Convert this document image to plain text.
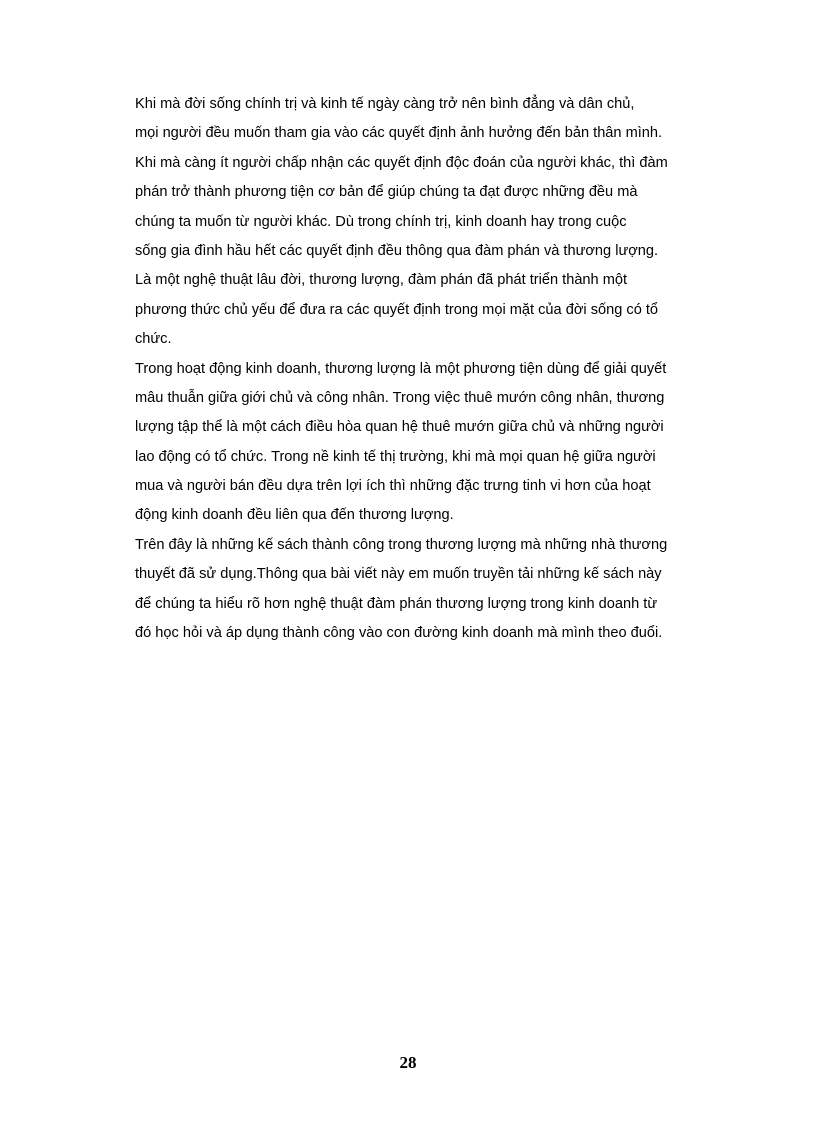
Khi mà đời sống chính trị và kinh tế ngày càng trở nên bình đẳng và dân chủ,
mọi người đều muốn tham gia vào các quyết định ảnh hưởng đến bản thân mình.
Khi mà càng ít người chấp nhận các quyết định độc đoán của người khác, thì đàm
phán trở thành phương tiện cơ bản để giúp chúng ta đạt được những đều mà
chúng ta muốn từ người khác. Dù trong chính trị, kinh doanh hay trong cuộc
sống gia đình hầu hết các quyết định đều thông qua đàm phán và thương lượng.
Là một nghệ thuật lâu đời, thương lượng, đàm phán đã phát triển thành một
phương thức chủ yếu để đưa ra các quyết định trong mọi mặt của đời sống có tổ
chức.
Trong hoạt động kinh doanh, thương lượng là một phương tiện dùng để giải quyết
mâu thuẫn giữa giới chủ và công nhân. Trong việc thuê mướn công nhân, thương
lượng tập thể là một cách điều hòa quan hệ thuê mướn giữa chủ và những người
lao động có tổ chức. Trong nề kinh tế thị trường, khi mà mọi quan hệ giữa người
mua và người bán đều dựa trên lợi ích thì những đặc trưng tinh vi hơn của hoạt
động kinh doanh đều liên qua đến thương lượng.
Trên đây là những kế sách thành công trong thương lượng mà những nhà thương
thuyết đã sử dụng.Thông qua bài viết này em muốn truyền tải những kế sách này
để chúng ta hiểu rõ hơn nghệ thuật đàm phán thương lượng trong kinh doanh từ
đó học hỏi và áp dụng thành công vào con đường kinh doanh mà mình theo đuổi.
28
